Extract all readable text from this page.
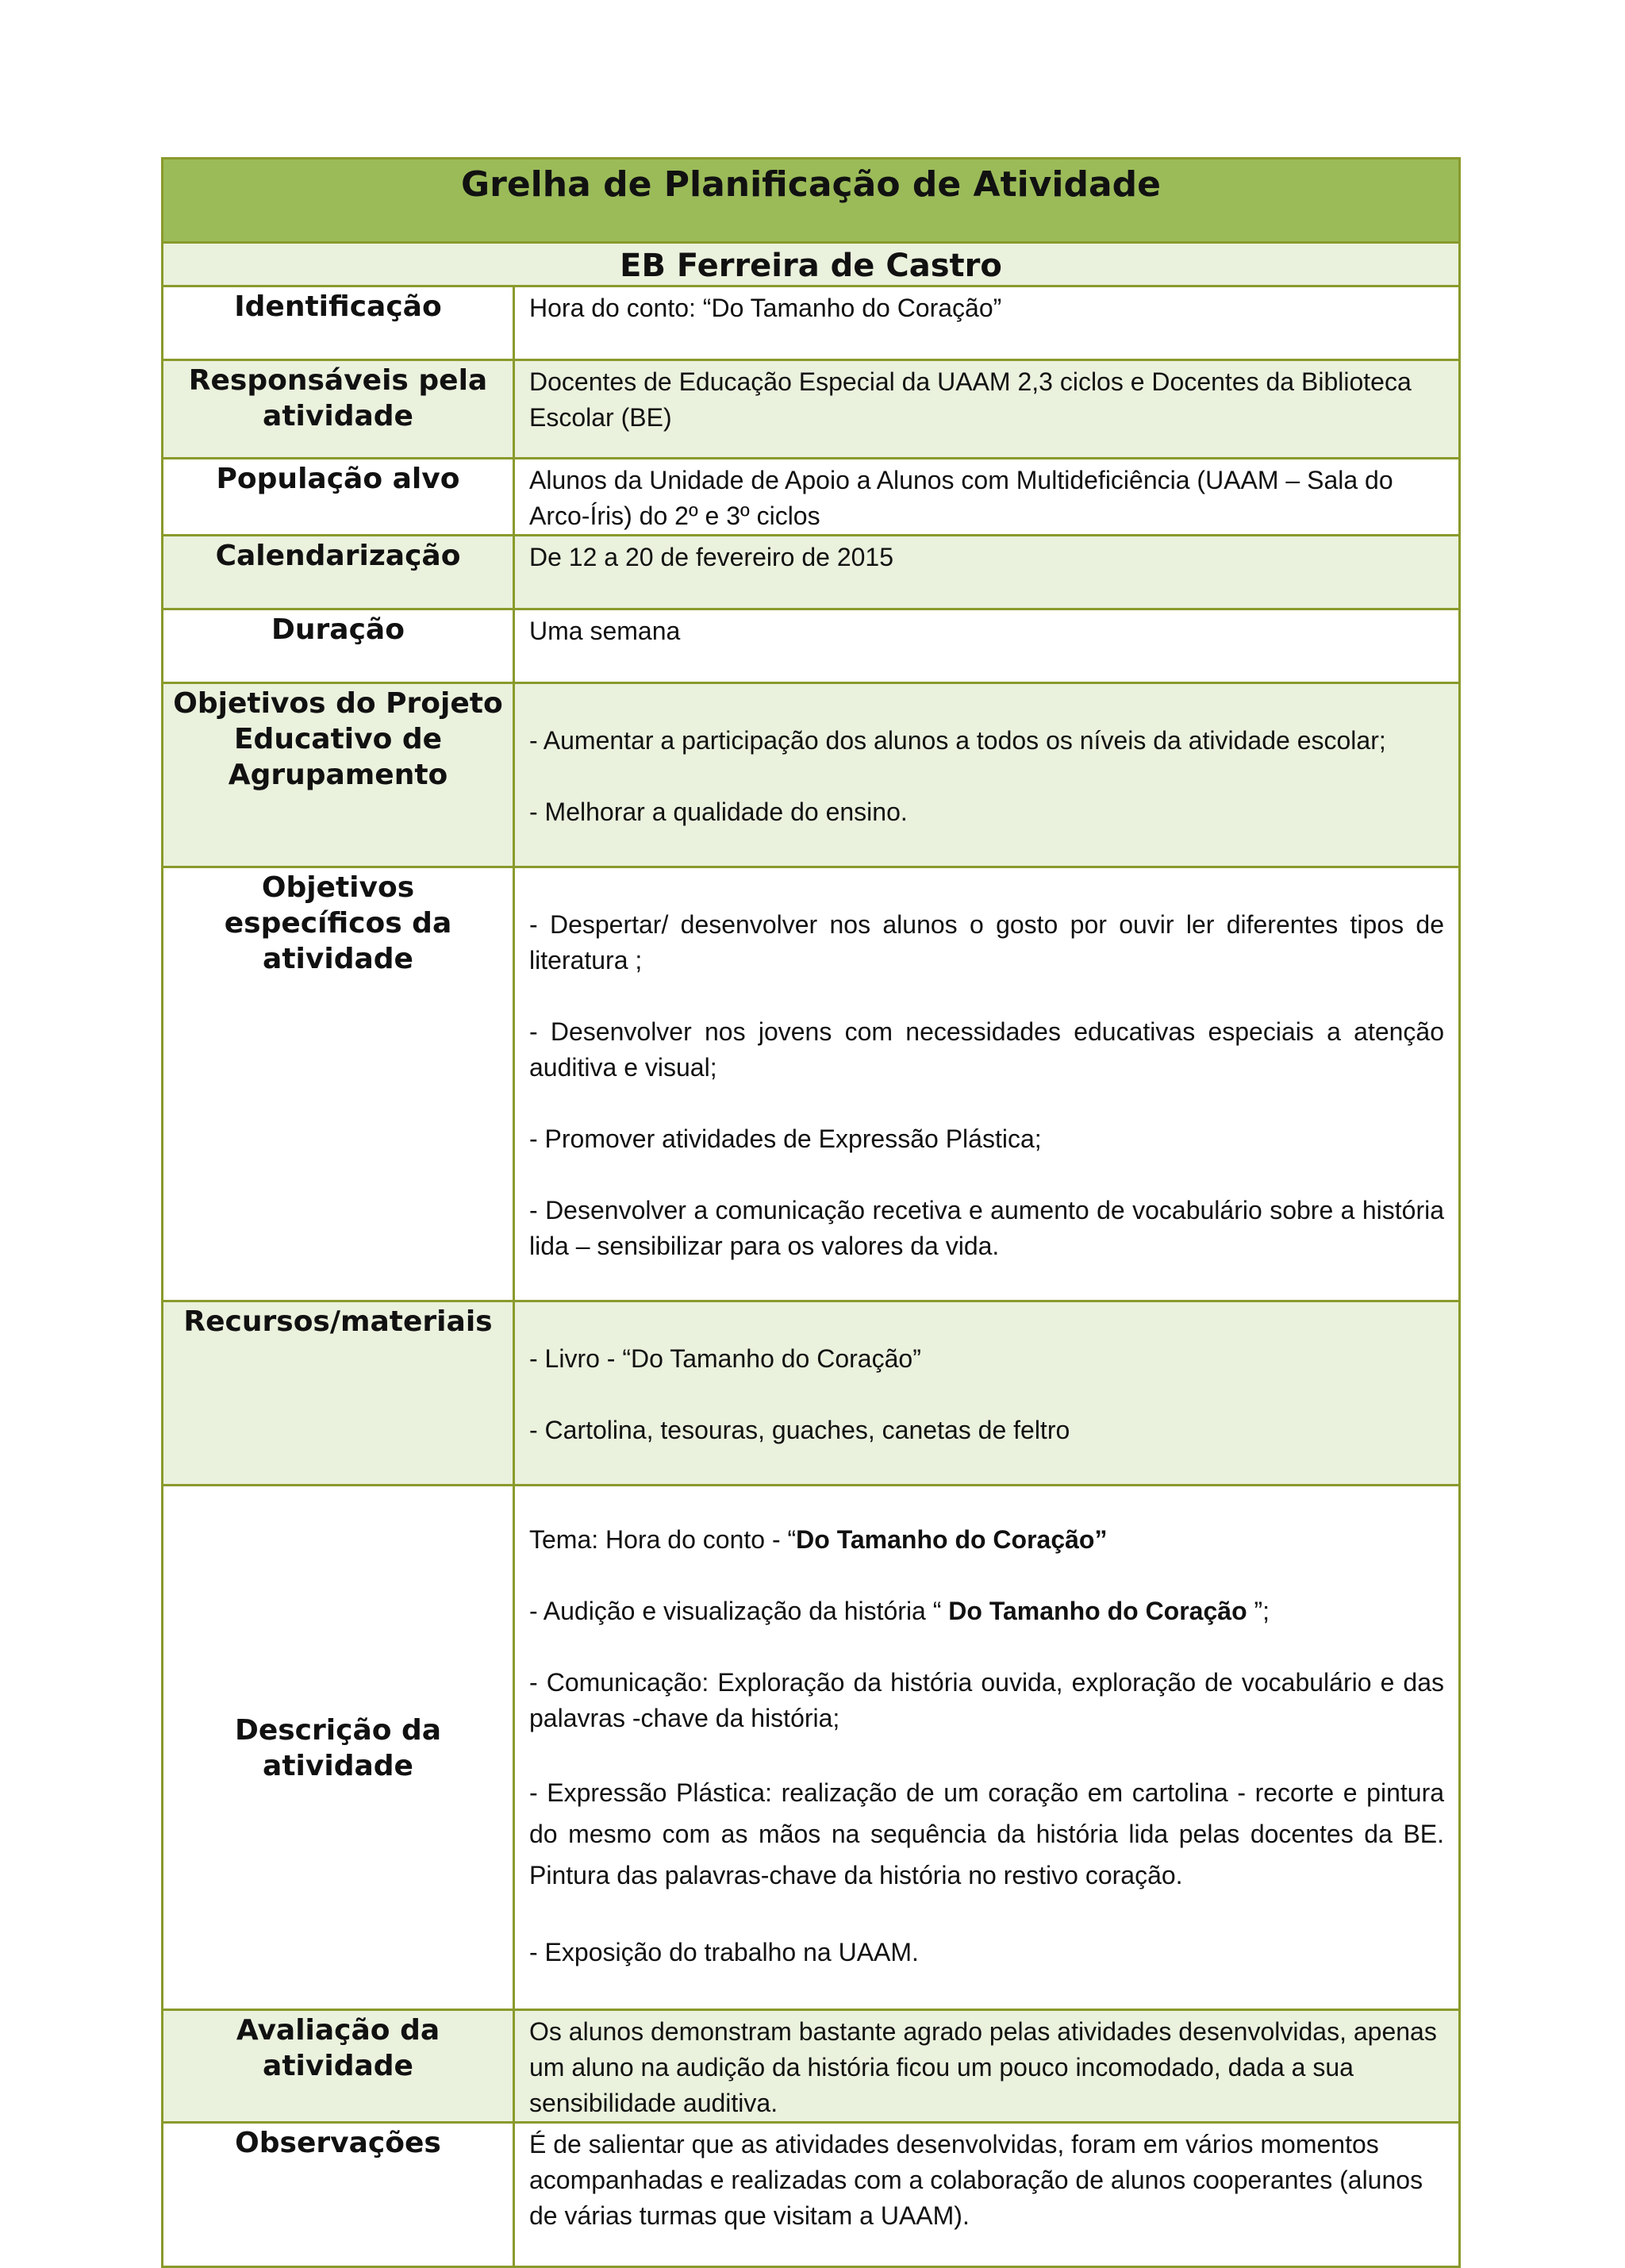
Grelha de Planificação de Atividade	

EB Ferreira de Castro	

Identificação	Hora do conto: “Do Tamanho do Coração”

Responsáveis pela atividade	Docentes de Educação Especial da UAAM 2,3 ciclos e Docentes da Biblioteca Escolar (BE)

População alvo	Alunos da Unidade de Apoio a Alunos com Multideficiência (UAAM – Sala do Arco-Íris) do 2º e 3º ciclos

Calendarização	De 12 a 20 de fevereiro de 2015

Duração	Uma semana

Objetivos do Projeto Educativo de Agrupamento	- Aumentar a participação dos alunos a todos os níveis da atividade escolar;

- Melhorar a qualidade do ensino.

Objetivos específicos da atividade	- Despertar/ desenvolver nos alunos o gosto por ouvir ler diferentes tipos de literatura ;

- Desenvolver nos jovens com necessidades educativas especiais a atenção auditiva e visual;

- Promover atividades de Expressão Plástica;

- Desenvolver a comunicação recetiva e aumento de vocabulário sobre a história lida – sensibilizar para os valores da vida.

Recursos/materiais	- Livro - “Do Tamanho do Coração”

- Cartolina, tesouras, guaches, canetas de feltro

Descrição da atividade	Tema: Hora do conto - “Do Tamanho do Coração”

- Audição e visualização da história “ Do Tamanho do Coração ”;

- Comunicação: Exploração da história ouvida, exploração de vocabulário e das palavras -chave da história;

- Expressão Plástica: realização de um coração em cartolina - recorte e pintura do mesmo com as mãos na sequência da história lida pelas docentes da BE. Pintura das palavras-chave da história no restivo coração.

- Exposição do trabalho na UAAM.

Avaliação da atividade	Os alunos demonstram bastante agrado pelas atividades desenvolvidas, apenas um aluno na audição da história ficou um pouco incomodado, dada a sua sensibilidade auditiva.

Observações	É de salientar que as atividades desenvolvidas, foram em vários momentos acompanhadas e realizadas com a colaboração de alunos cooperantes (alunos de várias turmas que visitam a UAAM).
